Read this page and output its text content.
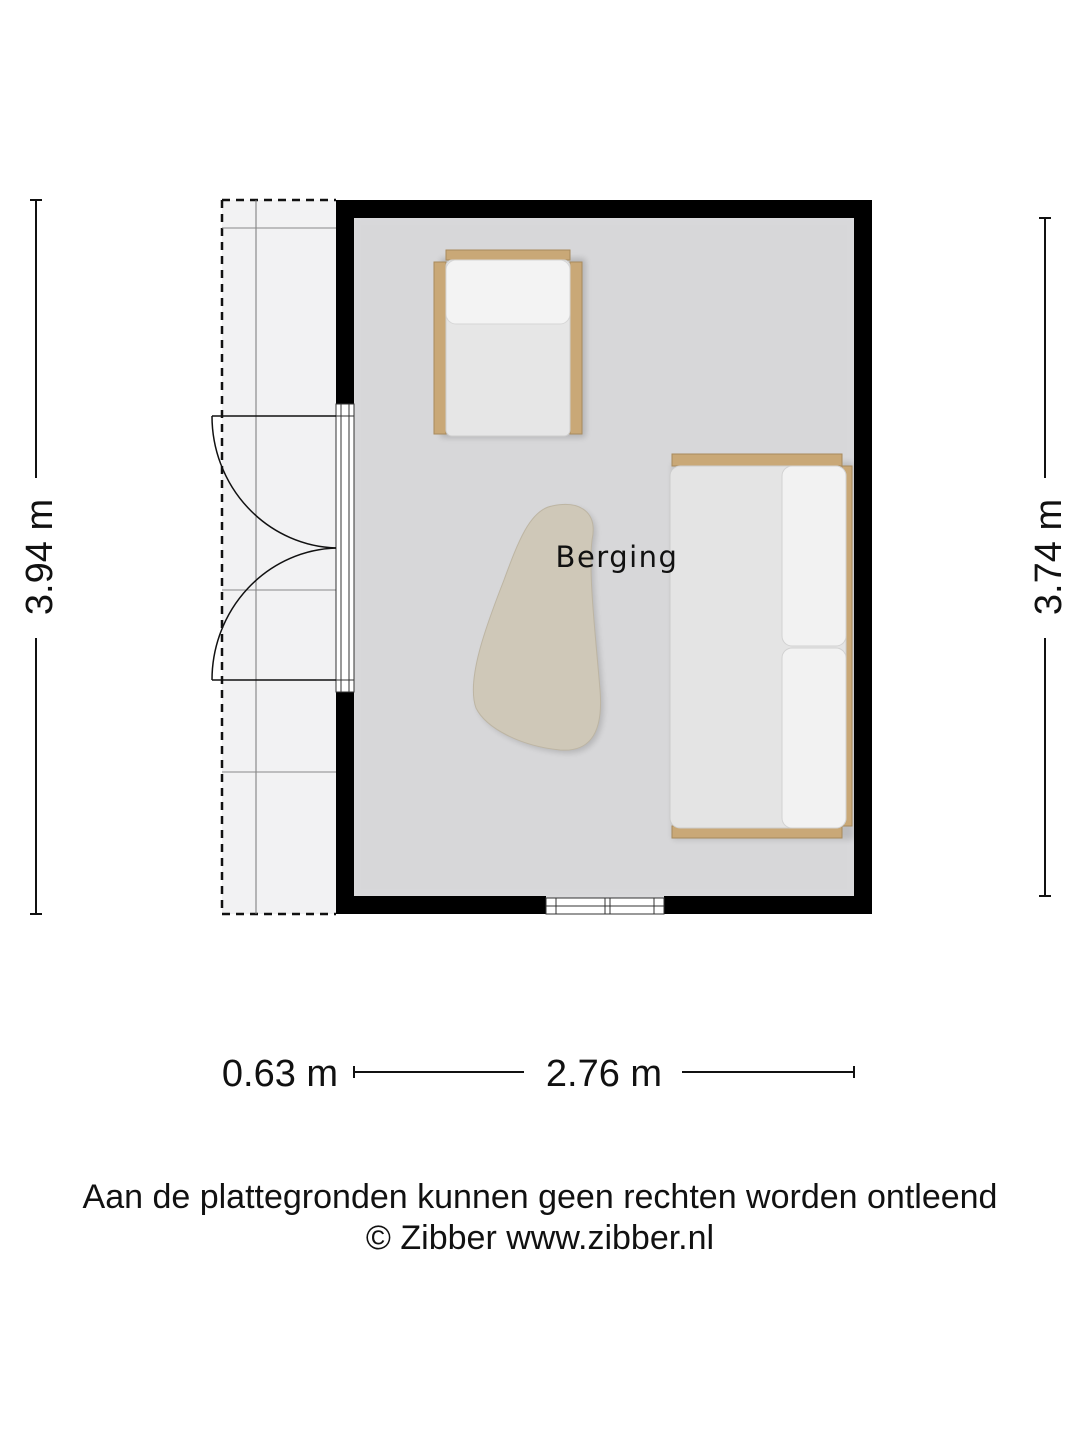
3.94 m	3.74 m
0.63 m	2.76 m
Berging
Aan de plattegronden kunnen geen rechten worden ontleend
© Zibber www.zibber.nl
